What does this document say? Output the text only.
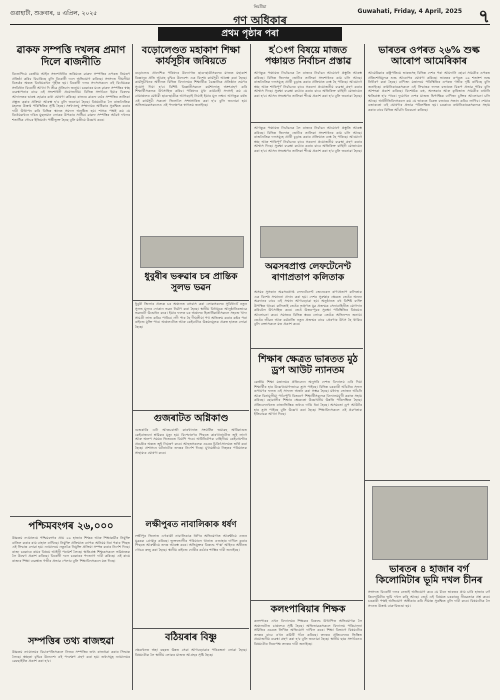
গুৱাহাটী, শুক্ৰবাৰ, ৪ এপ্ৰিল, ২০২৫
নিয়মীয়া
গণ অধিকাৰ
Guwahati, Friday, 4 April, 2025 ৭
প্ৰথম পৃষ্ঠাৰ পৰা
ৱাকফ সম্পত্তি দখলৰ প্ৰমাণ দিলে ৰাজনীতি
বিজেপিয়ে কেন্দ্ৰীয় আইন সংশোধনীৰ জৰিয়তে ৱাকফ সম্পত্তিৰ ওপৰত নিয়ন্ত্ৰণ প্ৰতিষ্ঠা কৰিব বিচাৰিছে বুলি বিৰোধী দলে অভিযোগ কৰিছে। সংসদত দীঘলীয়া বিতৰ্কৰ অন্তত বিধেয়কখন গৃহীত হয়। বিৰোধী দলৰ সদস্যসকলে এই বিধেয়কক সংবিধান বিৰোধী আখ্যা দি তীব্ৰ প্ৰতিবাদ জনায়। চৰকাৰৰ মতে ৱাকফ সম্পত্তিৰ স্বচ্ছ ব্যৱস্থাপনাৰ বাবে এই সংশোধনী প্ৰয়োজনীয়। বিভিন্ন সংগঠনে ইয়াৰ বিৰুদ্ধে আদালতৰ দ্বাৰস্থ হোৱাৰ কথা ঘোষণা কৰিছে। ৰাজ্যৰ ৱাকফ বৰ্ডৰ সম্পত্তিৰ তালিকা প্ৰস্তুত কৰাৰ প্ৰক্ৰিয়া আৰম্ভ হ'ব বুলি জনোৱা হৈছে। বিষয়টোক লৈ ৰাজনৈতিক মহলত উত্তপ্ত পৰিস্থিতিৰ সৃষ্টি হৈছে। সংখ্যালঘু সম্প্ৰদায়ৰ অধিকাৰ সুৰক্ষিত কৰাৰ দাবী উত্থাপন কৰি বিভিন্ন স্থানত সমদল অনুষ্ঠিত হয়। শাসক পক্ষই কয় যে বিধেয়কখনে দৰিদ্ৰ মুছলমান লোকৰ উপকাৰ সাধিব। ৱাকফ সম্পত্তিৰ অবৈধ দখলৰ শতাধিক গোচৰ ইতিমধ্যে পঞ্জীভুক্ত হৈছে বুলি মন্ত্ৰীয়ে উল্লেখ কৰে।
পশ্চিমবংগৰ ২৬,০০০
উচ্চতম ন্যায়ালয়ে পশ্চিমবংগৰ প্ৰায় ২৬ হাজাৰ শিক্ষক আৰু শিক্ষাকৰ্মীৰ নিযুক্তি বাতিল কৰাৰ ৰায় বাহাল ৰাখিছে। নিযুক্তি প্ৰক্ৰিয়াত ব্যাপক অনিয়ম ধৰা পৰাৰ পিছত এই সিদ্ধান্ত লোৱা হয়। ন্যায়ালয়ে নতুনকৈ নিযুক্তি প্ৰক্ৰিয়া সম্পন্ন কৰাৰ নিৰ্দেশ দিছে। ৰাজ্য চৰকাৰে ৰায়ৰ বিষয়ে আইনী পৰামৰ্শ লৈছে। ক্ষতিগ্ৰস্ত শিক্ষকসকলে ভৱিষ্যতক লৈ উদ্বেগ প্ৰকাশ কৰিছে। বিৰোধী দলে চৰকাৰৰ পদত্যাগ দাবী কৰিছে। এই ৰায়ে ৰাজ্যৰ শিক্ষা ব্যৱস্থাত গভীৰ প্ৰভাৱ পেলাব বুলি শিক্ষাবিদসকলে মত দিছে।
সম্পত্তিৰ তথ্য ৰাজহুৱা
উচ্চতম ন্যায়ালয়ৰ বিচাৰপতিসকলে নিজৰ সম্পত্তিৰ তথ্য ৰাজহুৱা কৰাৰ সিদ্ধান্ত লৈছে। স্বচ্ছতা বৃদ্ধিৰ উদ্দেশ্যে এই পদক্ষেপ গ্ৰহণ কৰা হয়। তথ্যসমূহ ন্যায়ালয়ৰ ৱেবছাইটত প্ৰকাশ কৰা হ'ব।
বড়োলেণ্ডত মহাকাশ শিক্ষা কাৰ্যসূচীৰ জৰিয়তে
বড়োলেণ্ড প্ৰাদেশিক পৰিষদৰ উদ্যোগত ছাত্ৰ-ছাত্ৰীসকলৰ মাজত মহাকাশ বিজ্ঞানৰ প্ৰতি আগ্ৰহ বৃদ্ধিৰ উদ্দেশ্যে এক বিশেষ কাৰ্যসূচী আৰম্ভ কৰা হৈছে। কাৰ্যসূচীখনৰ অধীনত বিভিন্ন বিদ্যালয়ৰ শিক্ষাৰ্থীক বৈজ্ঞানিক প্ৰতিষ্ঠান ভ্ৰমণৰ সুযোগ দিয়া হ'ব। বিশিষ্ট বিজ্ঞানীসকলে কৰ্মশালাত অংশগ্ৰহণ কৰি শিক্ষাৰ্থীসকলক উৎসাহিত কৰিব। পৰিষদৰ মুখ্য কাৰ্যবাহী সদস্যই কয় যে গ্ৰামাঞ্চলৰ মেধাৱী ছাত্ৰ-ছাত্ৰীক আগবঢ়াই নিয়াই ইয়াৰ মূল লক্ষ্য। আগন্তুক বৰ্ষত এই কাৰ্যসূচী সকলো জিলালৈ সম্প্ৰসাৰিত কৰা হ'ব বুলি জনোৱা হয়। অভিভাৱকসকলেও এই পদক্ষেপক স্বাগতম জনাইছে।
ধুবুৰীৰ ভৰুৱাৰ চৰ প্ৰান্তিক সুলভ ভৱন
ধুবুৰী জিলাৰ প্ৰত্যন্ত চৰ অঞ্চলত বসবাস কৰা লোকসকলৰ সুবিধাৰ্থে নতুন সুলভ মূল্যৰ দোকান ভৱন নিৰ্মাণ কৰা হৈছে। স্থানীয় বিধায়কে আনুষ্ঠানিকভাৱে ভৱনটো উদ্বোধন কৰে। ইয়াৰ ফলত চৰ অঞ্চলৰ হিতাধিকাৰীসকলে সহজে খাদ্য সামগ্ৰী লাভ কৰিব পাৰিব। নদী পাৰ হৈ দীঘলীয়া পথ অতিক্ৰম কৰাৰ কষ্টৰ পৰা ৰাইজে মুক্তি পাব। অঞ্চলটোত আৰু কেইবাটাও উন্নয়নমূলক প্ৰকল্প হাতত লোৱা হৈছে।
গুজৰাটত অগ্নিকাণ্ড
গুজৰাটৰ এটা আতচবাজী কাৰখানাত সংঘটিত ভয়াৱহ অগ্নিকাণ্ডত কেইবাজনো শ্ৰমিকৰ মৃত্যু হয়। বিস্ফোৰণৰ পিছতে কাৰখানাটোত জুই লাগে আৰু অলপ সময়ৰ ভিতৰতে বিয়পি পৰে। অগ্নিনিৰ্বাপক বাহিনীয়ে কেইবাঘণ্টাৰ প্ৰচেষ্টাৰ অন্তত জুই নিয়ন্ত্ৰণ কৰে। আহতসকলক ওচৰৰ চিকিৎসালয়ত ভৰ্তি কৰা হৈছে। প্ৰশাসনে ঘটনাটোৰ তদন্তৰ নিৰ্দেশ দিছে। মুখ্যমন্ত্ৰীয়ে নিহতৰ পৰিয়ালক সাহায্যৰ ঘোষণা কৰে।
লক্ষীপুৰত নাবালিকাক ধৰ্ষণ
লক্ষীপুৰ জিলাত এগৰাকী নাবালিকাক ধৰ্ষণৰ অভিযোগত আৰক্ষীয়ে এজন যুৱকক গ্ৰেপ্তাৰ কৰিছে। ভুক্তভোগীৰ পৰিয়ালে থানাত এজাহাৰ দাখিল কৰাৰ পিছতে আৰক্ষীয়ে তদন্ত আৰম্ভ কৰে। অভিযুক্তৰ বিৰুদ্ধে প'ক্স' আইনৰ অধীনত গোচৰ ৰুজু কৰা হৈছে। স্থানীয় ৰাইজে দোষীৰ কঠোৰ শাস্তিৰ দাবী জনাইছে।
বঠিয়ৰাৰ বিষ্ণু
ক্ষেত্ৰখনত অহা বছৰত উন্নত সেৱা আগবঢ়োৱাৰ পৰিকল্পনা লোৱা হৈছে। বিষয়টোক লৈ স্থানীয় লোকৰ মাজত আগ্ৰহৰ সৃষ্টি হৈছে।
হ'ংগ বিষয়ে মাজত পঞ্চায়ত নিৰ্বাচন প্ৰস্তাৱ
আগন্তুক পঞ্চায়ত নিৰ্বাচনক লৈ ৰাজ্যৰ নিৰ্বাচন আয়োগে প্ৰস্তুতি আৰম্ভ কৰিছে। বিভিন্ন জিলাত ভোটাৰ তালিকা সংশোধনৰ কাম চলি আছে। ৰাজনৈতিক দলসমূহে প্ৰাৰ্থী চূড়ান্ত কৰাৰ প্ৰক্ৰিয়াত ব্যস্ত হৈ পৰিছে। আয়োগে স্বচ্ছ আৰু শান্তিপূৰ্ণ নিৰ্বাচনৰ বাবে সকলো প্ৰয়োজনীয় ব্যৱস্থা গ্ৰহণ কৰাৰ আশ্বাস দিছে। সুৰক্ষা ব্যৱস্থা কঠোৰ কৰাৰ বাবে অতিৰিক্ত বাহিনী মোতায়েন কৰা হ'ব। আসন সংৰক্ষণৰ তালিকা শীঘ্ৰে প্ৰকাশ কৰা হ'ব বুলি জনোৱা হৈছে।
আগন্তুক পঞ্চায়ত নিৰ্বাচনক লৈ ৰাজ্যৰ নিৰ্বাচন আয়োগে প্ৰস্তুতি আৰম্ভ কৰিছে। বিভিন্ন জিলাত ভোটাৰ তালিকা সংশোধনৰ কাম চলি আছে। ৰাজনৈতিক দলসমূহে প্ৰাৰ্থী চূড়ান্ত কৰাৰ প্ৰক্ৰিয়াত ব্যস্ত হৈ পৰিছে। আয়োগে স্বচ্ছ আৰু শান্তিপূৰ্ণ নিৰ্বাচনৰ বাবে সকলো প্ৰয়োজনীয় ব্যৱস্থা গ্ৰহণ কৰাৰ আশ্বাস দিছে। সুৰক্ষা ব্যৱস্থা কঠোৰ কৰাৰ বাবে অতিৰিক্ত বাহিনী মোতায়েন কৰা হ'ব। আসন সংৰক্ষণৰ তালিকা শীঘ্ৰে প্ৰকাশ কৰা হ'ব বুলি জনোৱা হৈছে।
অৱসৰপ্ৰাপ্ত লেফটেনেণ্ট ৰাণাপ্ৰতাপ কলিতাক
অসমৰ সুসন্তান অৱসৰপ্ৰাপ্ত লেফটেনেণ্ট জেনেৰেল ৰাণাপ্ৰতাপ কলিতাক এক বিশেষ সন্মাননা প্ৰদান কৰা হয়। দেশৰ সুৰক্ষাৰ ক্ষেত্ৰত তেওঁৰ অনন্য অৱদানৰ বাবে এই সন্মান আগবঢ়োৱা হয়। অনুষ্ঠানত বহু বিশিষ্ট ব্যক্তি উপস্থিত থাকে। কলিতাই তেওঁৰ ভাষণত যুৱ প্ৰজন্মক সেনাবাহিনীত যোগদান কৰিবলৈ উৎসাহিত কৰে। তেওঁ উত্তৰ-পূবৰ সুৰক্ষা পৰিস্থিতিৰ বিষয়েও আলোচনা কৰে। সমাজৰ বিভিন্ন স্তৰৰ লোকে তেওঁক অভিনন্দন জনায়। তেওঁৰ জীৱন আৰু কৰ্মৰাজি নতুন প্ৰজন্মৰ বাবে প্ৰেৰণাৰ উৎস হৈ থাকিব বুলি বক্তাসকলে মত প্ৰকাশ কৰে।
শিক্ষাৰ ক্ষেত্ৰত ভাৰতত মুঠ ড্ৰপ আউট ন্যানতম
কেন্দ্ৰীয় শিক্ষা মন্ত্ৰালয়ৰ প্ৰতিবেদন অনুসৰি দেশত বিদ্যালয় এৰি দিয়া শিক্ষাৰ্থীৰ হাৰ উল্লেখযোগ্যভাৱে হ্ৰাস পাইছে। বিভিন্ন চৰকাৰী আঁচনিৰ সফল ৰূপায়ণৰ ফলত এই সাফল্য অৰ্জন কৰা সম্ভৱ হৈছে। মধ্যাহ্ন ভোজন আঁচনি আৰু বিনামূলীয়া পাঠ্যপুথি বিতৰণে শিক্ষাৰ্থীসকলক বিদ্যালয়মুখী কৰাত সহায় কৰিছে। ছোৱালীৰ শিক্ষাৰ ক্ষেত্ৰতো উল্লেখনীয় উন্নতি পৰিলক্ষিত হৈছে। প্ৰতিবেদনখনত ৰাজ্যভিত্তিক তথ্যও দাঙি ধৰা হৈছে। অসমতো ড্ৰপ আউটৰ হাৰ হ্ৰাস পাইছে বুলি উল্লেখ কৰা হৈছে। শিক্ষাবিদসকলে এই প্ৰৱণতাক ইতিবাচক আখ্যা দিছে।
কলংপাৰিয়াৰ শিক্ষক
কলংপাৰৰ এখন বিদ্যালয়ৰ শিক্ষকৰ বিৰুদ্ধে উত্থাপিত অভিযোগক লৈ অঞ্চলটোত চাঞ্চল্যৰ সৃষ্টি হৈছে। অভিভাৱকসকলে বিদ্যালয় পৰিচালনা সমিতিৰ ওচৰত লিখিত অভিযোগ দাখিল কৰে। শিক্ষা বিভাগে বিষয়টোৰ তদন্তৰ বাবে এখন কমিটি গঠন কৰিছে। তদন্তৰ প্ৰতিবেদনৰ ভিত্তিত প্ৰয়োজনীয় ব্যৱস্থা গ্ৰহণ কৰা হ'ব বুলি জনোৱা হৈছে। স্থানীয় ছাত্ৰ সংগঠনেও বিষয়টোৰ নিৰপেক্ষ তদন্তৰ দাবী জনাইছে।
ভাৰতৰ ওপৰত ২৬% শুল্ক আৰোপ আমেৰিকাৰ
আমেৰিকাৰ ৰাষ্ট্ৰপতিয়ে ভাৰতসহ বিভিন্ন দেশৰ পৰা আমদানি হোৱা সামগ্ৰীৰ ওপৰত প্ৰতিশোধমূলক শুল্ক আৰোপৰ ঘোষণা কৰিছে। ভাৰতৰ ওপৰত ২৬ শতাংশ শুল্ক নিৰ্ধাৰণ কৰা হৈছে। বাণিজ্য মন্ত্ৰালয়ে পৰিস্থিতিৰ ওপৰত গভীৰ দৃষ্টি ৰাখিছে বুলি জনাইছে। ৰপ্তানিকাৰকসকলে এই সিদ্ধান্তৰ ফলত বজাৰত বিৰূপ প্ৰভাৱ পৰিব বুলি আশংকা প্ৰকাশ কৰিছে। বিশেষকৈ বস্ত্ৰ, অলংকাৰ আৰু কৃষিজাত সামগ্ৰীৰ ৰপ্তানি ক্ষতিগ্ৰস্ত হ'ব পাৰে। দুয়োখন দেশৰ মাজত দ্বিপাক্ষিক বাণিজ্য চুক্তিৰ আলোচনা চলি আছে। অৰ্থনীতিবিদসকলে কয় যে ভাৰতে বিকল্প বজাৰৰ সন্ধান কৰিব লাগিব। শেয়াৰ বজাৰতো এই ঘোষণাৰ প্ৰভাৱ পৰিলক্ষিত হয়। চৰকাৰে ৰপ্তানিকাৰকসকলক সহায় কৰাৰ বাবে বিভিন্ন আঁচনি বিবেচনা কৰিছে।
ভাৰতৰ ৪ হাজাৰ বৰ্গ কিলোমিটাৰ ভূমি দখল চীনৰ
সংসদত বিৰোধী দলৰ নেতাই অভিযোগ কৰে যে চীনে ভাৰতৰ প্ৰায় চাৰি হাজাৰ বৰ্গ কিলোমিটাৰ ভূমি দখল কৰি আছে। তেওঁ এই বিষয়ত চৰকাৰৰ নীৰৱতাক প্ৰশ্ন কৰে। চৰকাৰী পক্ষই অভিযোগ অস্বীকাৰ কৰি সীমান্ত সুৰক্ষিত বুলি দাবী কৰে। বিষয়টোক লৈ সদনত উত্তপ্ত বাক-বিতণ্ডা হয়।
